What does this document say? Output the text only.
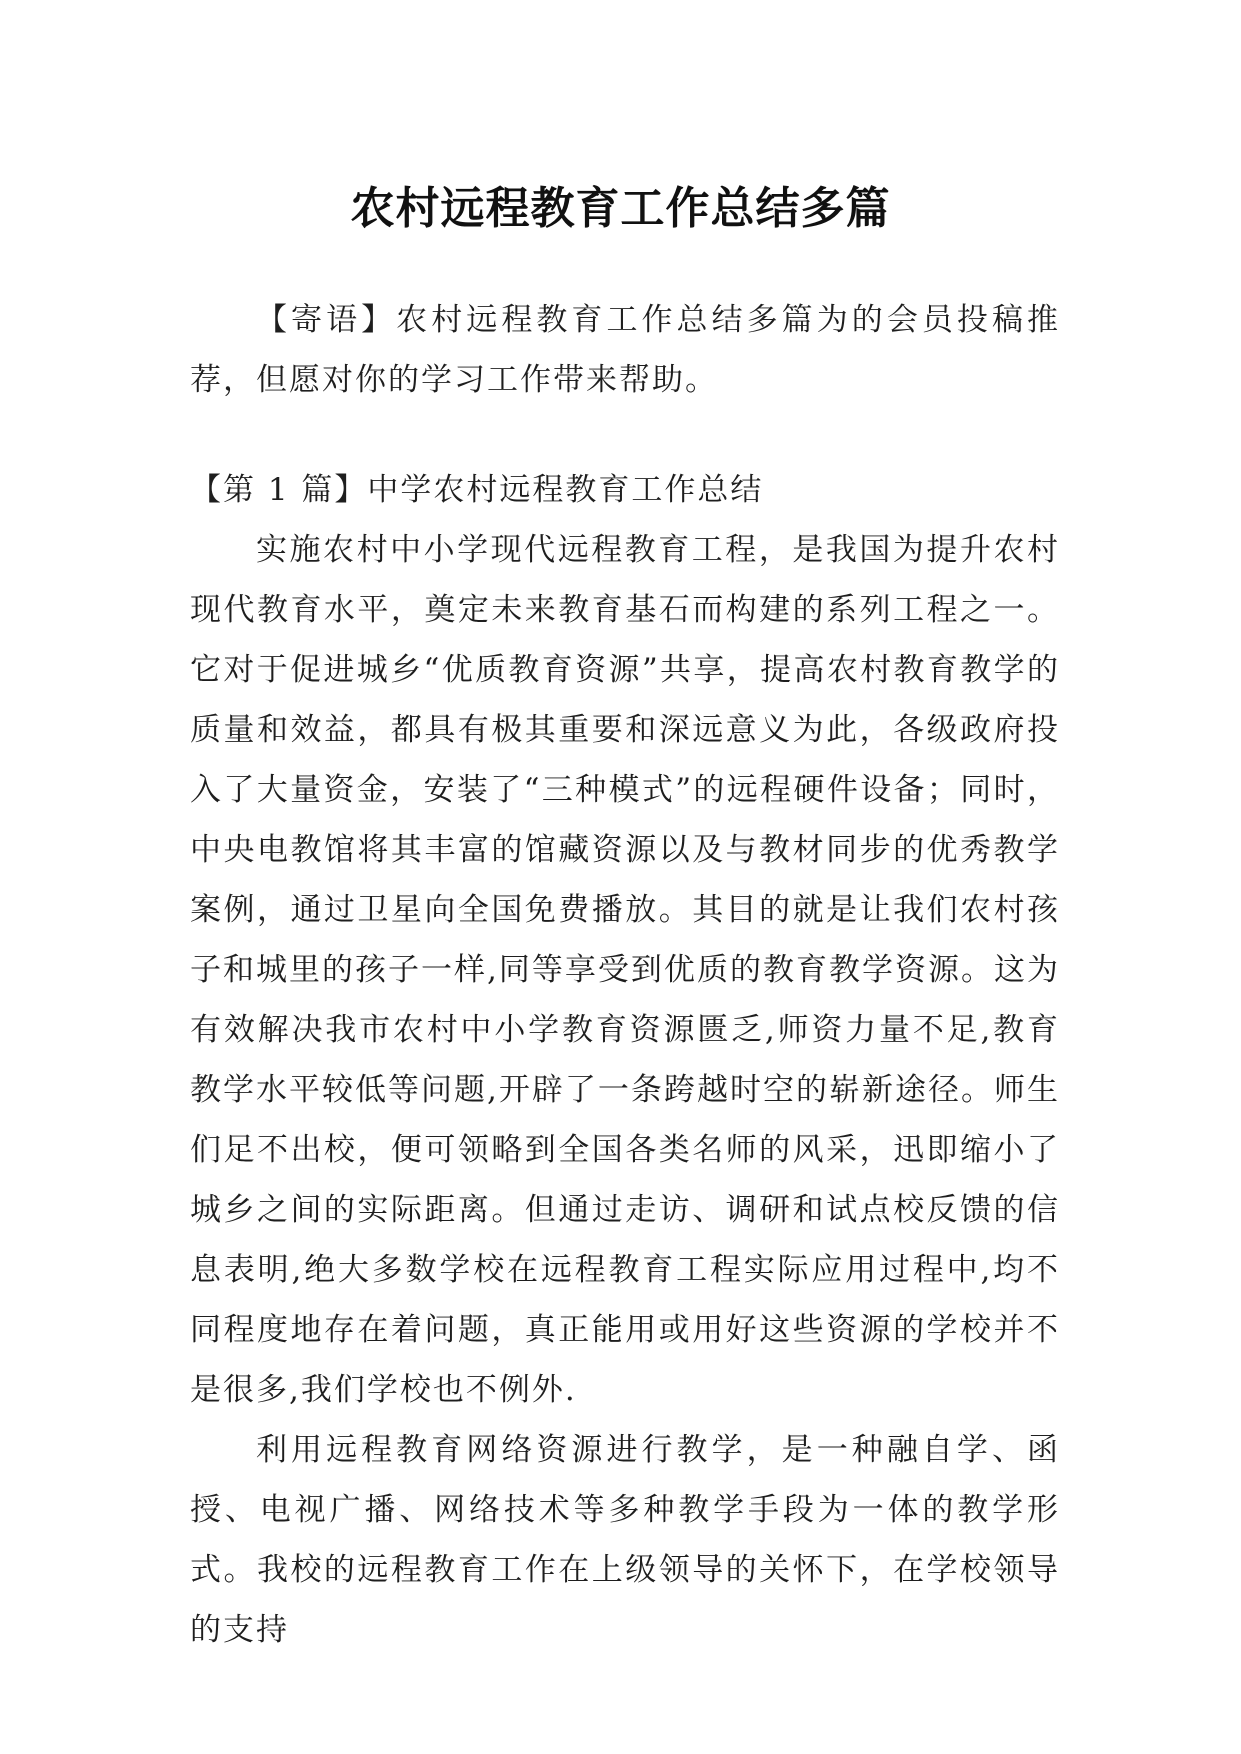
农村远程教育工作总结多篇

【寄语】农村远程教育工作总结多篇为的会员投稿推荐，但愿对你的学习工作带来帮助。

【第 1 篇】中学农村远程教育工作总结

实施农村中小学现代远程教育工程，是我国为提升农村现代教育水平，奠定未来教育基石而构建的系列工程之一。它对于促进城乡“优质教育资源”共享，提高农村教育教学的质量和效益，都具有极其重要和深远意义为此，各级政府投入了大量资金，安装了“三种模式”的远程硬件设备；同时，中央电教馆将其丰富的馆藏资源以及与教材同步的优秀教学案例，通过卫星向全国免费播放。其目的就是让我们农村孩子和城里的孩子一样,同等享受到优质的教育教学资源。这为有效解决我市农村中小学教育资源匮乏,师资力量不足,教育教学水平较低等问题,开辟了一条跨越时空的崭新途径。师生们足不出校，便可领略到全国各类名师的风采，迅即缩小了城乡之间的实际距离。但通过走访、调研和试点校反馈的信息表明,绝大多数学校在远程教育工程实际应用过程中,均不同程度地存在着问题，真正能用或用好这些资源的学校并不是很多,我们学校也不例外.

利用远程教育网络资源进行教学，是一种融自学、函授、电视广播、网络技术等多种教学手段为一体的教学形式。我校的远程教育工作在上级领导的关怀下，在学校领导的支持
